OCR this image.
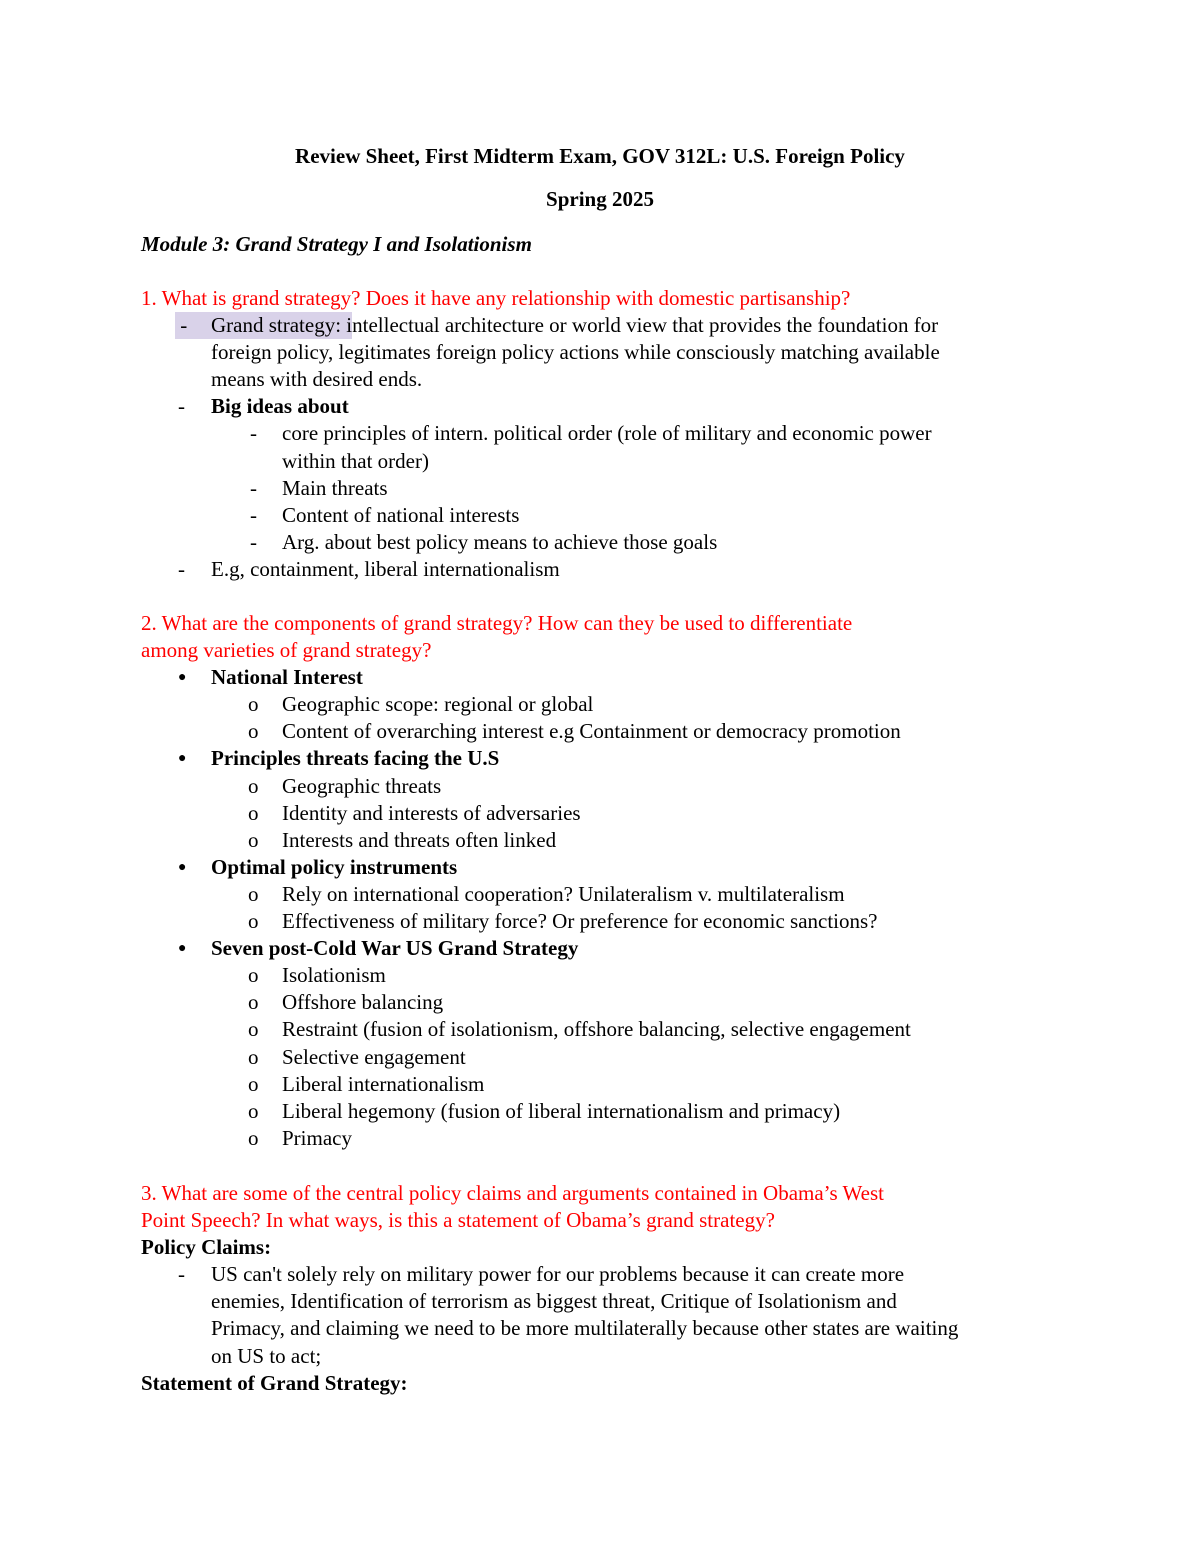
Review Sheet, First Midterm Exam, GOV 312L: U.S. Foreign Policy
Spring 2025
Module 3: Grand Strategy I and Isolationism
1. What is grand strategy? Does it have any relationship with domestic partisanship?
-	Grand strategy: intellectual architecture or world view that provides the foundation for
foreign policy, legitimates foreign policy actions while consciously matching available
means with desired ends.
- Big ideas about
- core principles of intern. political order (role of military and economic power
within that order)
- Main threats
- Content of national interests
- Arg. about best policy means to achieve those goals
- E.g, containment, liberal internationalism
2. What are the components of grand strategy? How can they be used to differentiate
among varieties of grand strategy?
● National Interest
o Geographic scope: regional or global
o Content of overarching interest e.g Containment or democracy promotion
● Principles threats facing the U.S
o Geographic threats
o Identity and interests of adversaries
o Interests and threats often linked
● Optimal policy instruments
o Rely on international cooperation? Unilateralism v. multilateralism
o Effectiveness of military force? Or preference for economic sanctions?
● Seven post-Cold War US Grand Strategy
o Isolationism
o Offshore balancing
o Restraint (fusion of isolationism, offshore balancing, selective engagement
o Selective engagement
o Liberal internationalism
o Liberal hegemony (fusion of liberal internationalism and primacy)
o Primacy
3. What are some of the central policy claims and arguments contained in Obama’s West
Point Speech? In what ways, is this a statement of Obama’s grand strategy?
Policy Claims:
- US can't solely rely on military power for our problems because it can create more
enemies, Identification of terrorism as biggest threat, Critique of Isolationism and
Primacy, and claiming we need to be more multilaterally because other states are waiting
on US to act;
Statement of Grand Strategy:
